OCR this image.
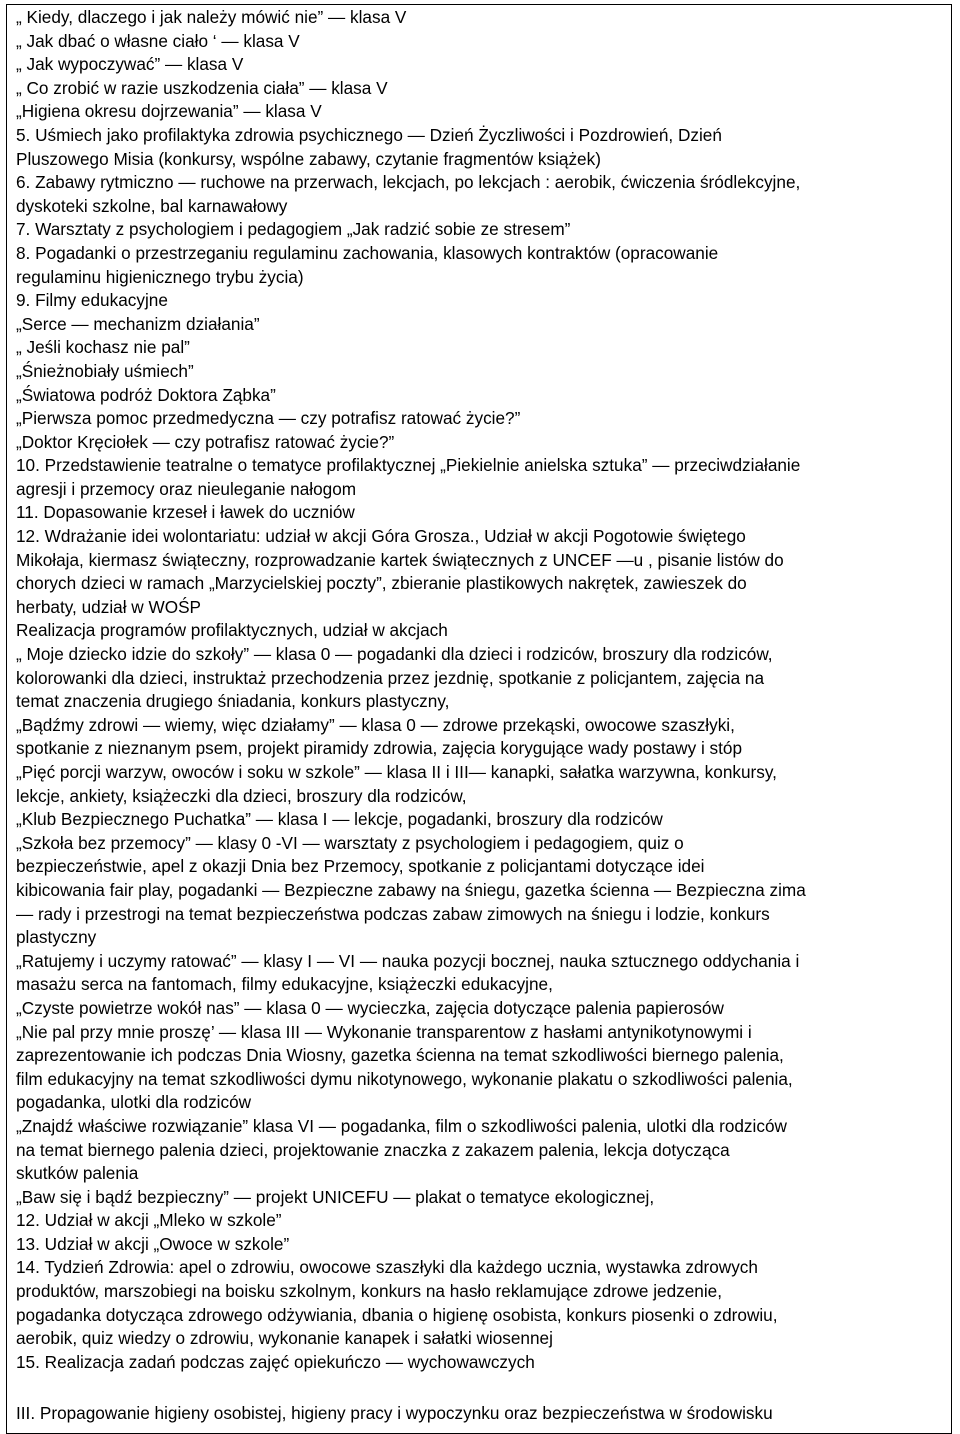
„ Kiedy, dlaczego i jak należy mówić nie” — klasa V
„ Jak dbać o własne ciało ‘ — klasa V
„ Jak wypoczywać” — klasa V
„ Co zrobić w razie uszkodzenia ciała” — klasa V
„Higiena okresu dojrzewania” — klasa V
5. Uśmiech jako profilaktyka zdrowia psychicznego — Dzień Życzliwości i Pozdrowień, Dzień
Pluszowego Misia (konkursy, wspólne zabawy, czytanie fragmentów książek)
6. Zabawy rytmiczno — ruchowe na przerwach, lekcjach, po lekcjach : aerobik, ćwiczenia śródlekcyjne,
dyskoteki szkolne, bal karnawałowy
7. Warsztaty z psychologiem i pedagogiem „Jak radzić sobie ze stresem”
8. Pogadanki o przestrzeganiu regulaminu zachowania, klasowych kontraktów (opracowanie
regulaminu higienicznego trybu życia)
9. Filmy edukacyjne
„Serce — mechanizm działania”
„ Jeśli kochasz nie pal”
„Śnieżnobiały uśmiech”
„Światowa podróż Doktora Ząbka”
„Pierwsza pomoc przedmedyczna — czy potrafisz ratować życie?”
„Doktor Kręciołek — czy potrafisz ratować życie?”
10. Przedstawienie teatralne o tematyce profilaktycznej „Piekielnie anielska sztuka” — przeciwdziałanie
agresji i przemocy oraz nieuleganie nałogom
11. Dopasowanie krzeseł i ławek do uczniów
12. Wdrażanie idei wolontariatu: udział w akcji Góra Grosza., Udział w akcji Pogotowie świętego
Mikołaja, kiermasz świąteczny, rozprowadzanie kartek świątecznych z UNCEF —u , pisanie listów do
chorych dzieci w ramach „Marzycielskiej poczty”, zbieranie plastikowych nakrętek, zawieszek do
herbaty, udział w WOŚP
Realizacja programów profilaktycznych, udział w akcjach
„ Moje dziecko idzie do szkoły” — klasa 0 — pogadanki dla dzieci i rodziców, broszury dla rodziców,
kolorowanki dla dzieci, instruktaż przechodzenia przez jezdnię, spotkanie z policjantem, zajęcia na
temat znaczenia drugiego śniadania, konkurs plastyczny,
„Bądźmy zdrowi — wiemy, więc działamy” — klasa 0 — zdrowe przekąski, owocowe szaszłyki,
spotkanie z nieznanym psem, projekt piramidy zdrowia, zajęcia korygujące wady postawy i stóp
„Pięć porcji warzyw, owoców i soku w szkole” — klasa II i III— kanapki, sałatka warzywna, konkursy,
lekcje, ankiety, książeczki dla dzieci, broszury dla rodziców,
„Klub Bezpiecznego Puchatka” — klasa I — lekcje, pogadanki, broszury dla rodziców
„Szkoła bez przemocy” — klasy 0 -VI — warsztaty z psychologiem i pedagogiem, quiz o
bezpieczeństwie, apel z okazji Dnia bez Przemocy, spotkanie z policjantami dotyczące idei
kibicowania fair play, pogadanki — Bezpieczne zabawy na śniegu, gazetka ścienna — Bezpieczna zima
— rady i przestrogi na temat bezpieczeństwa podczas zabaw zimowych na śniegu i lodzie, konkurs
plastyczny
„Ratujemy i uczymy ratować” — klasy I — VI — nauka pozycji bocznej, nauka sztucznego oddychania i
masażu serca na fantomach, filmy edukacyjne, książeczki edukacyjne,
„Czyste powietrze wokół nas” — klasa 0 — wycieczka, zajęcia dotyczące palenia papierosów
„Nie pal przy mnie proszę’ — klasa III — Wykonanie transparentow z hasłami antynikotynowymi i
zaprezentowanie ich podczas Dnia Wiosny, gazetka ścienna na temat szkodliwości biernego palenia,
film edukacyjny na temat szkodliwości dymu nikotynowego, wykonanie plakatu o szkodliwości palenia,
pogadanka, ulotki dla rodziców
„Znajdź właściwe rozwiązanie” klasa VI — pogadanka, film o szkodliwości palenia, ulotki dla rodziców
na temat biernego palenia dzieci, projektowanie znaczka z zakazem palenia, lekcja dotycząca
skutków palenia
„Baw się i bądź bezpieczny” — projekt UNICEFU — plakat o tematyce ekologicznej,
12. Udział w akcji „Mleko w szkole”
13. Udział w akcji „Owoce w szkole”
14. Tydzień Zdrowia: apel o zdrowiu, owocowe szaszłyki dla każdego ucznia, wystawka zdrowych
produktów, marszobiegi na boisku szkolnym, konkurs na hasło reklamujące zdrowe jedzenie,
pogadanka dotycząca zdrowego odżywiania, dbania o higienę osobista, konkurs piosenki o zdrowiu,
aerobik, quiz wiedzy o zdrowiu, wykonanie kanapek i sałatki wiosennej
15. Realizacja zadań podczas zajęć opiekuńczo — wychowawczych
III. Propagowanie higieny osobistej, higieny pracy i wypoczynku oraz bezpieczeństwa w środowisku
